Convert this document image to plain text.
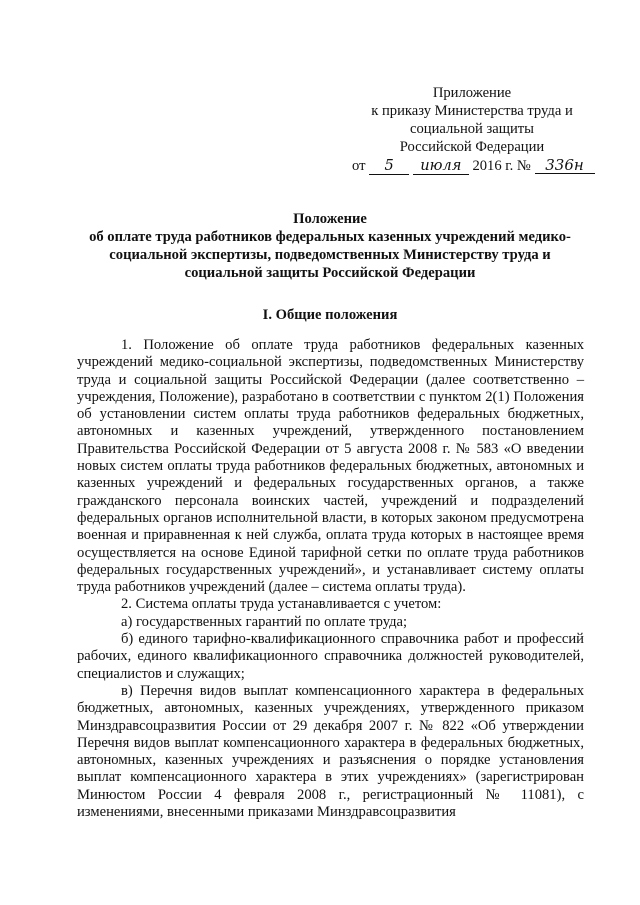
Приложение
к приказу Министерства труда и
социальной защиты
Российской Федерации
от 5 июля 2016 г. № 336н
Положение
об оплате труда работников федеральных казенных учреждений медико-
социальной экспертизы, подведомственных Министерству труда и
социальной защиты Российской Федерации
I. Общие положения

1. Положение об оплате труда работников федеральных казенных учреждений медико-социальной экспертизы, подведомственных Министерству труда и социальной защиты Российской Федерации (далее соответственно – учреждения, Положение), разработано в соответствии с пунктом 2(1) Положения об установлении систем оплаты труда работников федеральных бюджетных, автономных и казенных учреждений, утвержденного постановлением Правительства Российской Федерации от 5 августа 2008 г. № 583 «О введении новых систем оплаты труда работников федеральных бюджетных, автономных и казенных учреждений и федеральных государственных органов, а также гражданского персонала воинских частей, учреждений и подразделений федеральных органов исполнительной власти, в которых законом предусмотрена военная и приравненная к ней служба, оплата труда которых в настоящее время осуществляется на основе Единой тарифной сетки по оплате труда работников федеральных государственных учреждений», и устанавливает систему оплаты труда работников учреждений (далее – система оплаты труда).

2. Система оплаты труда устанавливается с учетом:

а) государственных гарантий по оплате труда;

б) единого тарифно-квалификационного справочника работ и профессий рабочих, единого квалификационного справочника должностей руководителей, специалистов и служащих;

в) Перечня видов выплат компенсационного характера в федеральных бюджетных, автономных, казенных учреждениях, утвержденного приказом Минздравсоцразвития России от 29 декабря 2007 г. № 822 «Об утверждении Перечня видов выплат компенсационного характера в федеральных бюджетных, автономных, казенных учреждениях и разъяснения о порядке установления выплат компенсационного характера в этих учреждениях» (зарегистрирован Минюстом России 4 февраля 2008 г., регистрационный № 11081), с изменениями, внесенными приказами Минздравсоцразвития
